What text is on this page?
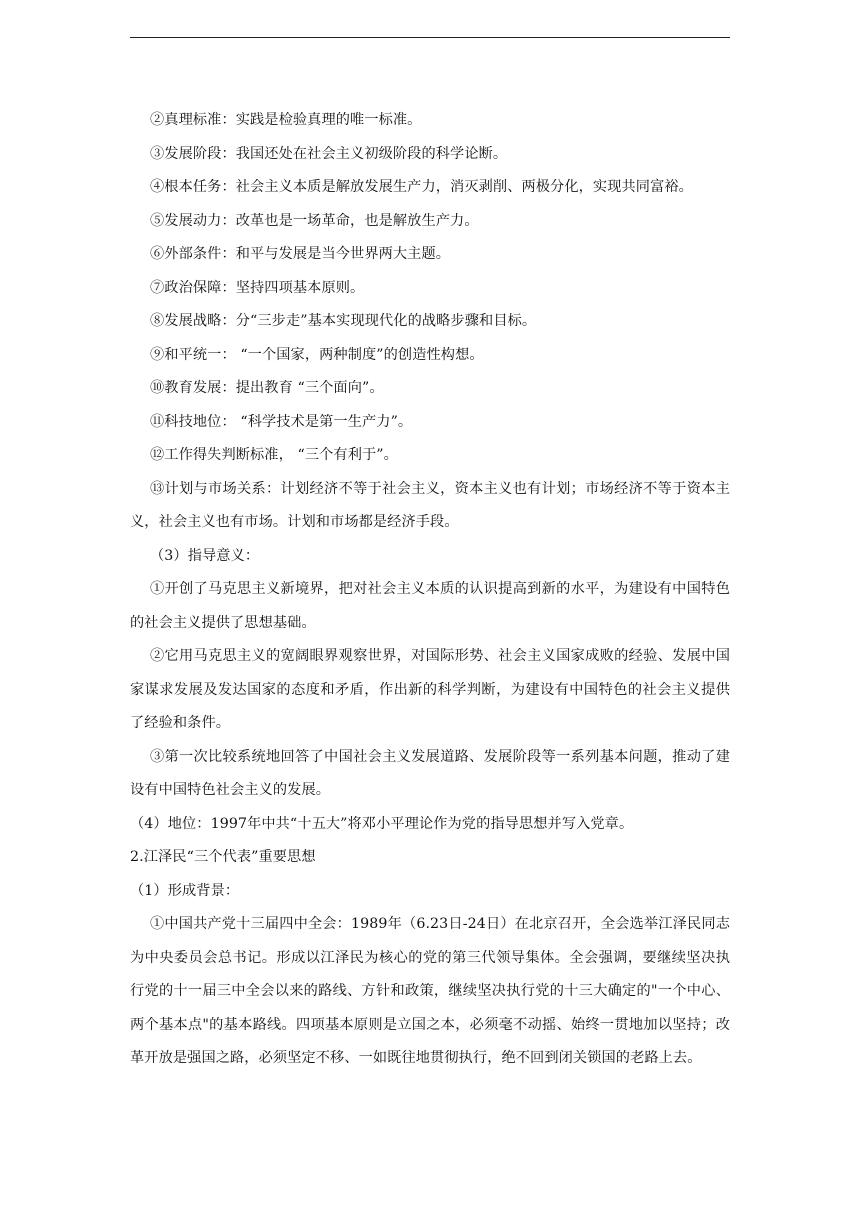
②真理标准：实践是检验真理的唯一标准。

③发展阶段：我国还处在社会主义初级阶段的科学论断。

④根本任务：社会主义本质是解放发展生产力，消灭剥削、两极分化，实现共同富裕。

⑤发展动力：改革也是一场革命，也是解放生产力。

⑥外部条件：和平与发展是当今世界两大主题。

⑦政治保障：坚持四项基本原则。

⑧发展战略：分“三步走”基本实现现代化的战略步骤和目标。

⑨和平统一： “一个国家，两种制度”的创造性构想。

⑩教育发展：提出教育 “三个面向”。

⑪科技地位： “科学技术是第一生产力”。

⑫工作得失判断标准， “三个有利于”。

⑬计划与市场关系：计划经济不等于社会主义，资本主义也有计划；市场经济不等于资本主义，社会主义也有市场。计划和市场都是经济手段。

（3）指导意义：

①开创了马克思主义新境界，把对社会主义本质的认识提高到新的水平，为建设有中国特色的社会主义提供了思想基础。

②它用马克思主义的宽阔眼界观察世界，对国际形势、社会主义国家成败的经验、发展中国家谋求发展及发达国家的态度和矛盾，作出新的科学判断，为建设有中国特色的社会主义提供了经验和条件。

③第一次比较系统地回答了中国社会主义发展道路、发展阶段等一系列基本问题，推动了建设有中国特色社会主义的发展。

（4）地位：1997年中共“十五大”将邓小平理论作为党的指导思想并写入党章。

2.江泽民“三个代表”重要思想

（1）形成背景：

①中国共产党十三届四中全会：1989年（6.23日-24日）在北京召开，全会选举江泽民同志为中央委员会总书记。形成以江泽民为核心的党的第三代领导集体。全会强调，要继续坚决执行党的十一届三中全会以来的路线、方针和政策，继续坚决执行党的十三大确定的"一个中心、两个基本点"的基本路线。四项基本原则是立国之本，必须毫不动摇、始终一贯地加以坚持；改革开放是强国之路，必须坚定不移、一如既往地贯彻执行，绝不回到闭关锁国的老路上去。
